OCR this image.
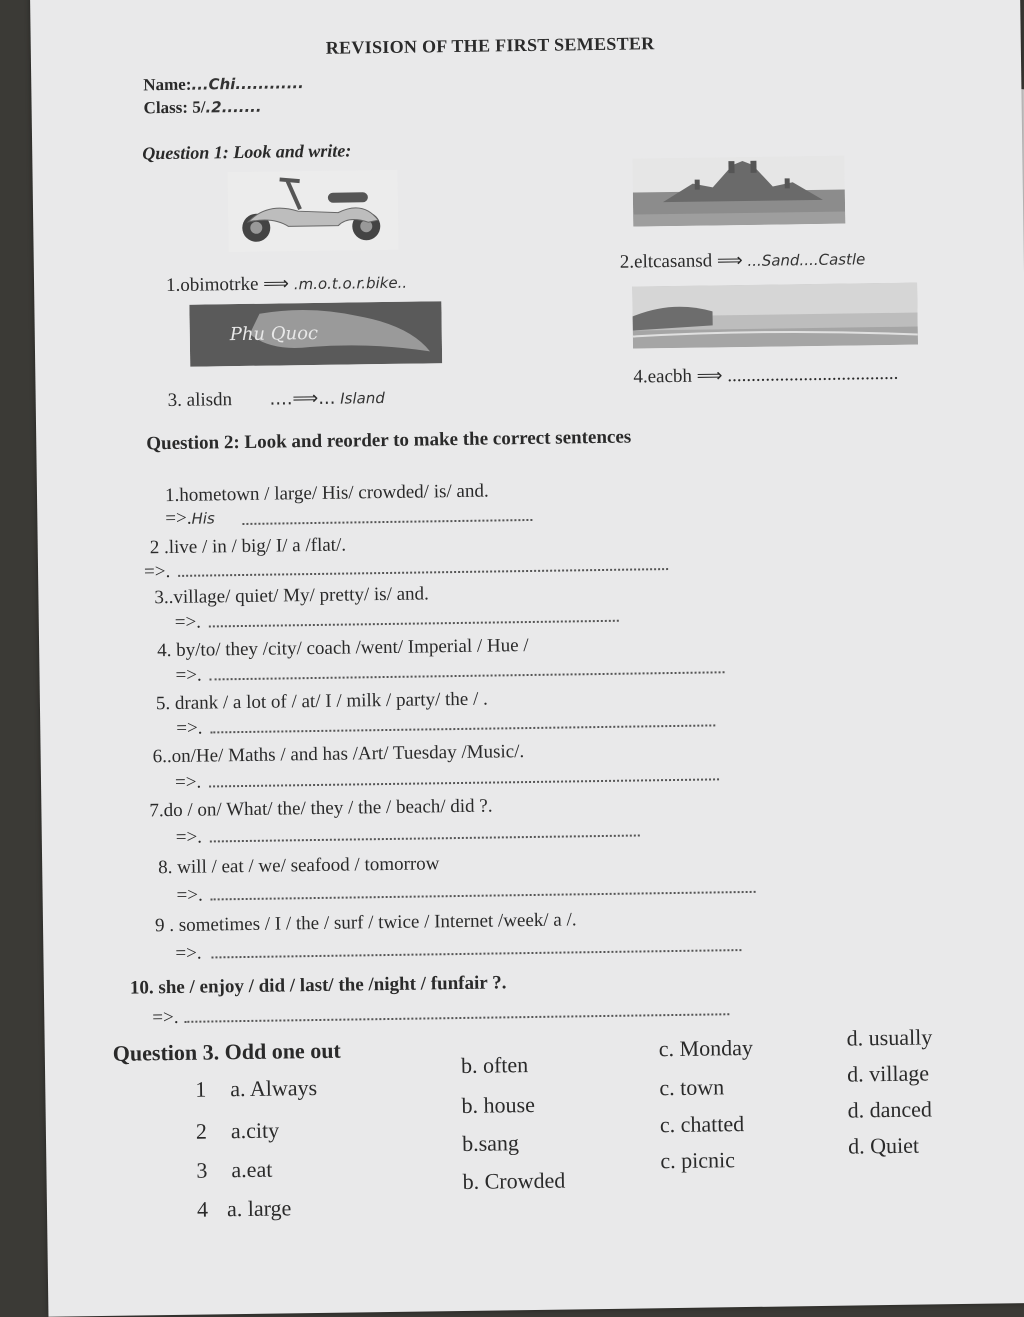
REVISION OF THE FIRST SEMESTER
Name:...Chi............
Class: 5/.2.......
Question 1: Look and write:
1.obimotrke ⟹ .m.o.t.o.r.bike..
2.eltcasansd ⟹ ...Sand....Castle
Phu Quoc
3. alisdn ....⟹... Island
4.eacbh ⟹ ....................................
Question 2: Look and reorder to make the correct sentences
1.hometown / large/ His/ crowded/ is/ and.
=>.His
2 .live / in / big/ I/ a /flat/.
=>.
3..village/ quiet/ My/ pretty/ is/ and.
=>.
4. by/to/ they /city/ coach /went/ Imperial / Hue /
=>.
5. drank / a lot of / at/ I / milk / party/ the / .
=>.
6..on/He/ Maths / and has /Art/ Tuesday /Music/.
=>.
7.do / on/ What/ the/ they / the / beach/ did ?.
=>.
8. will / eat / we/ seafood / tomorrow
=>.
9 . sometimes / I / the / surf / twice / Internet /week/ a /.
=>.
10. she / enjoy / did / last/ the /night / funfair ?.
=>.
Question 3. Odd one out
1 a. Always
b. often
c. Monday	d. usually
2 a.city
b. house
c. town
d. village
3 a.eat
b.sang
c. chatted
d. danced
4 a. large
b. Crowded
c. picnic
d. Quiet
